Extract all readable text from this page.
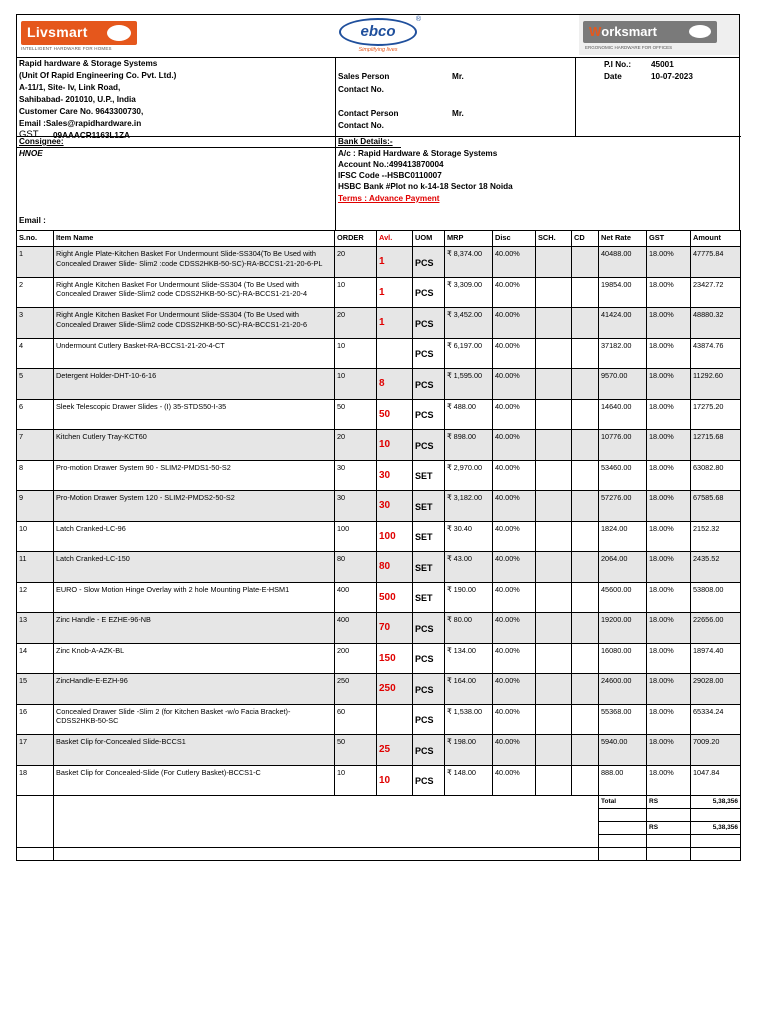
Livsmart
INTELLIGENT HARDWARE FOR HOMES
ebco
®
Simplifying lives
Worksmart
ERGONOMIC HARDWARE FOR OFFICES
Rapid hardware & Storage Systems
(Unit Of Rapid Engineering Co. Pvt. Ltd.)
A-11/1, Site- Iv, Link Road,
Sahibabad- 201010, U.P., India
Customer Care No. 9643300730,
Email :Sales@rapidhardware.in
GST 09AAACR1163L1ZA
Sales Person	Mr.
Contact No.
Contact Person	Mr.
Contact No.
P.I No.: 45001
Date	10-07-2023
Consignee:
HNOE
Email :
Bank Details:-
A/c : Rapid Hardware & Storage Systems
Account No.:499413870004
IFSC Code --HSBC0110007
HSBC Bank #Plot no k-14-18 Sector 18 Noida
Terms : Advance Payment
S.no.	Item Name	ORDER	Avl.	UOM	MRP	Disc	SCH.	CD	Net Rate	GST	Amount
1	Right Angle Plate-Kitchen Basket For Undermount Slide-SS304(To Be Used with Concealed Drawer Slide- Slim2 :code CDSS2HKB-50-SC)-RA-BCCS1-21-20-6-PL	20	1	PCS	₹ 8,374.00	40.00%			40488.00	18.00%	47775.84
2	Right Angle Kitchen Basket For Undermount Slide-SS304 (To Be Used with Concealed Drawer Slide-Slim2 code CDSS2HKB-50-SC)-RA-BCCS1-21-20-4	10	1	PCS	₹ 3,309.00	40.00%			19854.00	18.00%	23427.72
3	Right Angle Kitchen Basket For Undermount Slide-SS304 (To Be Used with Concealed Drawer Slide-Slim2 code CDSS2HKB-50-SC)-RA-BCCS1-21-20-6	20	1	PCS	₹ 3,452.00	40.00%			41424.00	18.00%	48880.32
4	Undermount Cutlery Basket-RA-BCCS1-21-20-4-CT	10		PCS	₹ 6,197.00	40.00%			37182.00	18.00%	43874.76
5	Detergent Holder-DHT-10-6-16	10	8	PCS	₹ 1,595.00	40.00%			9570.00	18.00%	11292.60
6	Sleek Telescopic Drawer Slides - (I) 35-STDS50-I-35	50	50	PCS	₹ 488.00	40.00%			14640.00	18.00%	17275.20
7	Kitchen Cutlery Tray-KCT60	20	10	PCS	₹ 898.00	40.00%			10776.00	18.00%	12715.68
8	Pro-motion Drawer System 90 - SLIM2-PMDS1-50-S2	30	30	SET	₹ 2,970.00	40.00%			53460.00	18.00%	63082.80
9	Pro-Motion Drawer System 120 - SLIM2-PMDS2-50-S2	30	30	SET	₹ 3,182.00	40.00%			57276.00	18.00%	67585.68
10	Latch Cranked-LC-96	100	100	SET	₹ 30.40	40.00%			1824.00	18.00%	2152.32
11	Latch Cranked-LC-150	80	80	SET	₹ 43.00	40.00%			2064.00	18.00%	2435.52
12	EURO - Slow Motion Hinge Overlay with 2 hole Mounting Plate-E-HSM1	400	500	SET	₹ 190.00	40.00%			45600.00	18.00%	53808.00
13	Zinc Handle - E EZHE-96-NB	400	70	PCS	₹ 80.00	40.00%			19200.00	18.00%	22656.00
14	Zinc Knob-A-AZK-BL	200	150	PCS	₹ 134.00	40.00%			16080.00	18.00%	18974.40
15	ZincHandle-E-EZH-96	250	250	PCS	₹ 164.00	40.00%			24600.00	18.00%	29028.00
16	Concealed Drawer Slide -Slim 2 (for Kitchen Basket -w/o Facia Bracket)-CDSS2HKB-50-SC	60		PCS	₹ 1,538.00	40.00%			55368.00	18.00%	65334.24
17	Basket Clip for-Concealed Slide-BCCS1	50	25	PCS	₹ 198.00	40.00%			5940.00	18.00%	7009.20
18	Basket Clip for Concealed-Slide (For Cutlery Basket)-BCCS1-C	10	10	PCS	₹ 148.00	40.00%			888.00	18.00%	1047.84
									Total	RS	5,38,356

										RS	5,38,356
